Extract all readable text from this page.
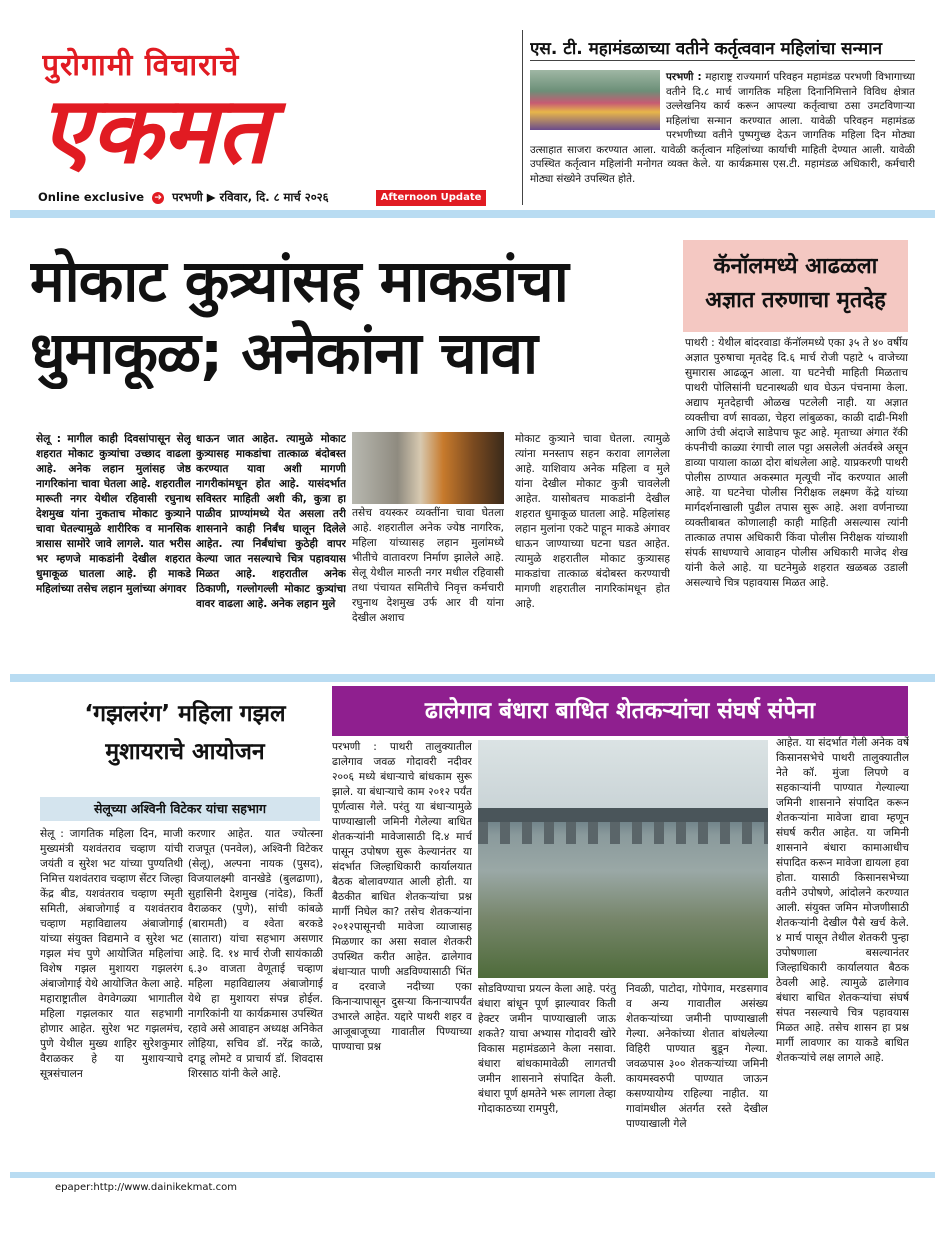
पुरोगामी विचाराचे
एकमत
Online exclusive ➔ परभणी ▶ रविवार, दि. ८ मार्च २०२६	Afternoon Update
एस. टी. महामंडळाच्या वतीने कर्तृत्ववान महिलांचा सन्मान
परभणी : महाराष्ट्र राज्यमार्ग परिवहन महामंडळ परभणी विभागाच्या वतीने दि.८ मार्च जागतिक महिला दिनानिमित्ताने विविध क्षेत्रात उल्लेखनिय कार्य करून आपल्या कर्तृत्वाचा ठसा उमटविणाऱ्या महिलांचा सन्मान करण्यात आला. यावेळी परिवहन महामंडळ परभणीच्या वतीने पुष्पगुच्छ देऊन जागतिक महिला दिन मोठ्या उत्साहात साजरा करण्यात आला. यावेळी कर्तृत्वान महिलांच्या कार्याची माहिती देण्यात आली. यावेळी उपस्थित कर्तृत्वान महिलांनी मनोगत व्यक्त केले. या कार्यक्रमास एस.टी. महामंडळ अधिकारी, कर्मचारी मोठ्या संख्येने उपस्थित होते.
मोकाट कुत्र्यांसह माकडांचा
धुमाकूळ; अनेकांना चावा
कॅनॉलमध्ये आढळला
अज्ञात तरुणाचा मृतदेह
पाथरी : येथील बांदरवाडा कॅनॉलमध्ये एका ३५ ते ४० वर्षीय अज्ञात पुरुषाचा मृतदेह दि.६ मार्च रोजी पहाटे ५ वाजेच्या सुमारास आढळून आला. या घटनेची माहिती मिळताच पाथरी पोलिसांनी घटनास्थळी धाव घेऊन पंचनामा केला. अद्याप मृतदेहाची ओळख पटलेली नाही. या अज्ञात व्यक्तीचा वर्ण सावळा, चेहरा लांबुळका, काळी दाढी-मिशी आणि उंची अंदाजे साडेपाच फूट आहे. मृताच्या अंगात रॅकी कंपनीची काळ्या रंगाची लाल पट्टा असलेली अंतर्वस्त्रे असून डाव्या पायाला काळा दोरा बांधलेला आहे. याप्रकरणी पाथरी पोलीस ठाण्यात अकस्मात मृत्यूची नोंद करण्यात आली आहे. या घटनेचा पोलीस निरीक्षक लक्ष्मण केंद्रे यांच्या मार्गदर्शनाखाली पुढील तपास सुरू आहे. अशा वर्णनाच्या व्यक्तीबाबत कोणालाही काही माहिती असल्यास त्यांनी तात्काळ तपास अधिकारी किंवा पोलीस निरीक्षक यांच्याशी संपर्क साधण्याचे आवाहन पोलीस अधिकारी माजेद शेख यांनी केले आहे. या घटनेमुळे शहरात खळबळ उडाली असल्याचे चित्र पहावयास मिळत आहे.
सेलू : मागील काही दिवसांपासून सेलू शहरात मोकाट कुत्र्यांचा उच्छाद वाढला आहे. अनेक लहान मुलांसह जेष्ठ नागरिकांना चावा घेतला आहे. शहरातील मारूती नगर येथील रहिवासी रघुनाथ देशमुख यांना नुकताच मोकाट कुत्र्याने चावा घेतल्यामुळे शारीरिक व मानसिक त्रासास सामोरे जावे लागले. यात भरीस भर म्हणजे माकडांनी देखील शहरात धुमाकूळ घातला आहे. ही माकडे महिलांच्या तसेच लहान मुलांच्या अंगावर
धाऊन जात आहेत. त्यामुळे मोकाट कुत्र्यासह माकडांचा तात्काळ बंदोबस्त करण्यात यावा अशी मागणी नागरीकांमधून होत आहे. यासंदर्भात सविस्तर माहिती अशी की, कुत्रा हा पाळीव प्राण्यांमध्ये येत असला तरी शासनाने काही निर्बंध घालून दिलेले आहेत. त्या निर्बंधांचा कुठेही वापर केल्या जात नसल्याचे चित्र पहावयास मिळत आहे. शहरातील अनेक ठिकाणी, गल्लोगल्ली मोकाट कुत्र्यांचा वावर वाढला आहे. अनेक लहान मुले
तसेच वयस्कर व्यक्तींना चावा घेतला आहे. शहरातील अनेक ज्येष्ठ नागरिक, महिला यांच्यासह लहान मुलांमध्ये भीतीचे वातावरण निर्माण झालेले आहे. सेलू येथील मारुती नगर मधील रहिवासी तथा पंचायत समितीचे निवृत्त कर्मचारी रघुनाथ देशमुख उर्फ आर वी यांना देखील अशाच
मोकाट कुत्र्याने चावा घेतला. त्यामुळे त्यांना मनस्ताप सहन करावा लागलेला आहे. याशिवाय अनेक महिला व मुले यांना देखील मोकाट कुत्री चावलेली आहेत. यासोबतच माकडांनी देखील शहरात धुमाकूळ घातला आहे. महिलांसह लहान मुलांना एकटे पाहून माकडे अंगावर धाऊन जाण्याच्या घटना घडत आहेत. त्यामुळे शहरातील मोकाट कुत्र्यासह माकडांचा तात्काळ बंदोबस्त करण्याची मागणी शहरातील नागरिकांमधून होत आहे.
‘गझलरंग’ महिला गझल
मुशायराचे आयोजन
सेलूच्या अश्विनी विटेकर यांचा सहभाग
सेलू : जागतिक महिला दिन, माजी मुख्यमंत्री यशवंतराव चव्हाण यांची जयंती व सुरेश भट यांच्या पुण्यतिथी निमित्त यशवंतराव चव्हाण सेंटर जिल्हा केंद्र बीड, यशवंतराव चव्हाण स्मृती समिती, अंबाजोगाई व यशवंतराव चव्हाण महाविद्यालय अंबाजोगाई यांच्या संयुक्त विद्यमाने व सुरेश भट गझल मंच पुणे आयोजित महिलांचा विशेष गझल मुशायरा गझलरंग अंबाजोगाई येथे आयोजित केला आहे. महाराष्ट्रातील वेगवेगळ्या भागातील महिला गझलकार यात सहभागी होणार आहेत. सुरेश भट गझलमंच, पुणे येथील मुख्य शाहिर सुरेशकुमार वैराळकर हे या मुशायऱ्याचे सूत्रसंचालन
करणार आहेत. यात ज्योत्स्ना राजपूत (पनवेल), अश्विनी विटेकर (सेलू), अल्पना नायक (पुसद), विजयालक्ष्मी वानखेडे (बुलढाणा), सुहासिनी देशमुख (नांदेड), किर्ती वैराळकर (पुणे), सांची कांबळे (बारामती) व श्वेता बरकडे (सातारा) यांचा सहभाग असणार आहे. दि. १४ मार्च रोजी सायंकाळी ६.३० वाजता वेणूताई चव्हाण महिला महाविद्यालय अंबाजोगाई येथे हा मुशायरा संपन्न होईल. नागरिकांनी या कार्यक्रमास उपस्थित रहावे असे आवाहन अध्यक्ष अनिकेत लोहिया, सचिव डॉ. नरेंद्र काळे, दगडू लोमटे व प्राचार्य डॉ. शिवदास शिरसाठ यांनी केले आहे.
ढालेगाव बंधारा बाधित शेतकऱ्यांचा संघर्ष संपेना
परभणी : पाथरी तालुक्यातील ढालेगाव जवळ गोदावरी नदीवर २००६ मध्ये बंधाऱ्याचे बांधकाम सुरू झाले. या बंधाऱ्याचे काम २०१२ पर्यंत पूर्णत्वास गेले. परंतु या बंधाऱ्यामुळे पाण्याखाली जमिनी गेलेल्या बाधित शेतकऱ्यांनी मावेजासाठी दि.४ मार्च पासून उपोषण सुरू केल्यानंतर या संदर्भात जिल्हाधिकारी कार्यालयात बैठक बोलावण्यात आली होती. या बैठकीत बाधित शेतकऱ्यांचा प्रश्न मार्गी निघेल का? तसेच शेतकऱ्यांना २०१२पासूनची मावेजा व्याजासह मिळणार का असा सवाल शेतकरी उपस्थित करीत आहेत. ढालेगाव बंधाऱ्यात पाणी अडविण्यासाठी भिंत व दरवाजे नदीच्या एका किनाऱ्यापासून दुसऱ्या किनाऱ्यापर्यंत उभारले आहेत. यद्दारे पाथरी शहर व आजूबाजूच्या गावातील पिण्याच्या पाण्याचा प्रश्न
सोडविण्याचा प्रयत्न केला आहे. परंतु बंधारा बांधून पूर्ण झाल्यावर किती हेक्टर जमीन पाण्याखाली जाऊ शकते? याचा अभ्यास गोदावरी खोरे विकास महामंडळाने केला नसावा. बंधारा बांधकामावेळी लागतची जमीन शासनाने संपादित केली. बंधारा पूर्ण क्षमतेने भरू लागला तेव्हा गोदाकाठच्या रामपुरी,
निवळी, पाटोदा, गोपेगाव, मरडसगाव व अन्य गावातील असंख्य शेतकऱ्यांच्या जमीनी पाण्याखाली गेल्या. अनेकांच्या शेतात बांधलेल्या विहिरी पाण्यात बुडून गेल्या. जवळपास ३०० शेतकऱ्यांच्या जमिनी कायमस्वरुपी पाण्यात जाऊन कसण्यायोग्य राहिल्या नाहीत. या गावांमधील अंतर्गत रस्ते देखील पाण्याखाली गेले
आहेत. या संदर्भात गेली अनेक वर्षे किसानसभेचे पाथरी तालुक्यातील नेते कॉ. मुंजा लिपणे व सहकाऱ्यांनी पाण्यात गेल्याल्या जमिनी शासनाने संपादित करून शेतकऱ्यांना मावेजा द्यावा म्हणून संघर्ष करीत आहेत. या जमिनी शासनाने बंधारा कामाआधीच संपादित करून मावेजा द्यायला हवा होता. यासाठी किसानसभेच्या वतीने उपोषणे, आंदोलने करण्यात आली. संयुक्त जमिन मोजणीसाठी शेतकऱ्यांनी देखील पैसे खर्च केले. ४ मार्च पासून तेथील शेतकरी पुन्हा उपोषणाला बसल्यानंतर जिल्हाधिकारी कार्यालयात बैठक ठेवली आहे. त्यामुळे ढालेगाव बंधारा बाधित शेतकऱ्यांचा संघर्ष संपत नसल्याचे चित्र पहावयास मिळत आहे. तसेच शासन हा प्रश्न मार्गी लावणार का याकडे बाधित शेतकऱ्यांचे लक्ष लागले आहे.
epaper:http://www.dainikekmat.com
